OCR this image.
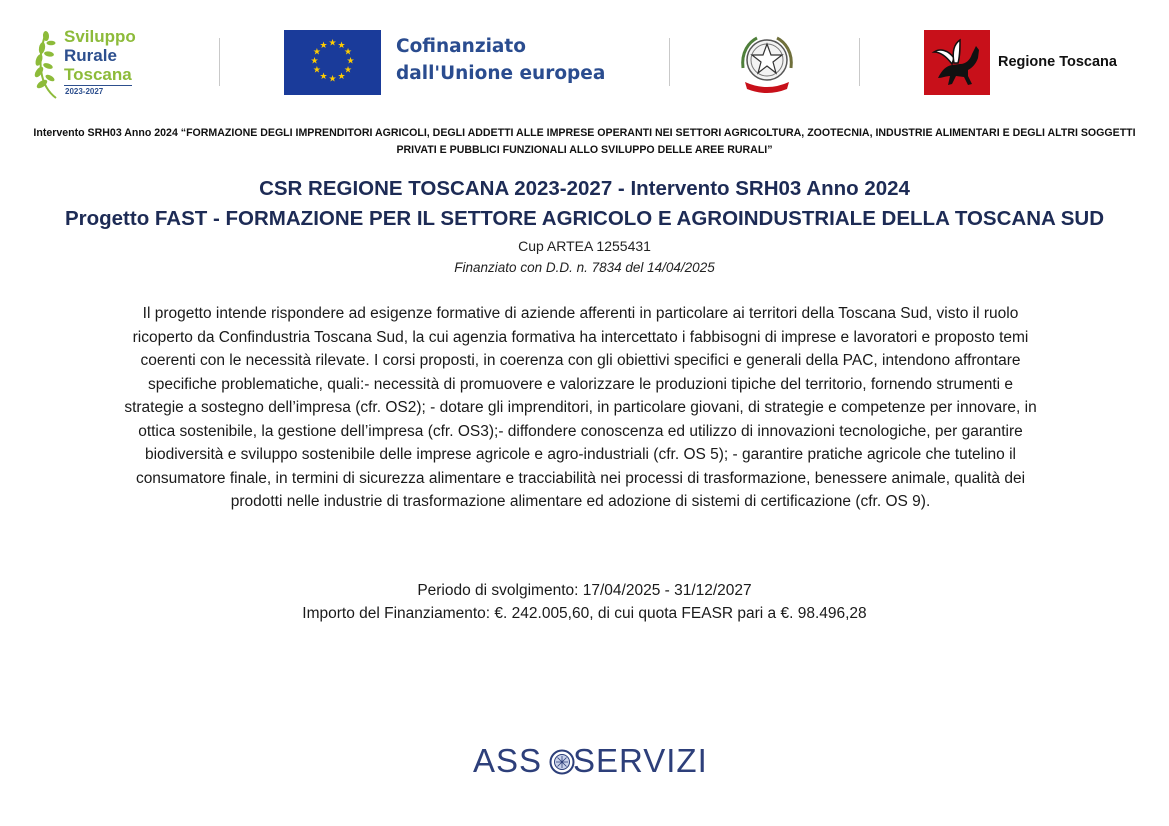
Sviluppo
Rurale
Toscana
2023-2027
★ ★
★
★
★
★
★
★
★
★
★
★	Cofinanziato
dall'Unione europea
Regione Toscana
Intervento SRH03 Anno 2024 “FORMAZIONE DEGLI IMPRENDITORI AGRICOLI, DEGLI ADDETTI ALLE IMPRESE OPERANTI NEI SETTORI AGRICOLTURA, ZOOTECNIA, INDUSTRIE ALIMENTARI E DEGLI ALTRI SOGGETTI PRIVATI E PUBBLICI FUNZIONALI ALLO SVILUPPO DELLE AREE RURALI”
CSR REGIONE TOSCANA 2023-2027 - Intervento SRH03 Anno 2024
Progetto FAST - FORMAZIONE PER IL SETTORE AGRICOLO E AGROINDUSTRIALE DELLA TOSCANA SUD
Cup ARTEA 1255431
Finanziato con D.D. n. 7834 del 14/04/2025

Il progetto intende rispondere ad esigenze formative di aziende afferenti in particolare ai territori della Toscana Sud, visto il ruolo ricoperto da Confindustria Toscana Sud, la cui agenzia formativa ha intercettato i fabbisogni di imprese e lavoratori e proposto temi coerenti con le necessità rilevate. I corsi proposti, in coerenza con gli obiettivi specifici e generali della PAC, intendono affrontare specifiche problematiche, quali:- necessità di promuovere e valorizzare le produzioni tipiche del territorio, fornendo strumenti e strategie a sostegno dell’impresa (cfr. OS2); - dotare gli imprenditori, in particolare giovani, di strategie e competenze per innovare, in ottica sostenibile, la gestione dell’impresa (cfr. OS3);- diffondere conoscenza ed utilizzo di innovazioni tecnologiche, per garantire biodiversità e sviluppo sostenibile delle imprese agricole e agro-industriali (cfr. OS 5); - garantire pratiche agricole che tutelino il consumatore finale, in termini di sicurezza alimentare e tracciabilità nei processi di trasformazione, benessere animale, qualità dei prodotti nelle industrie di trasformazione alimentare ed adozione di sistemi di certificazione (cfr. OS 9).

Periodo di svolgimento: 17/04/2025 - 31/12/2027
Importo del Finanziamento: €. 242.005,60, di cui quota FEASR pari a €. 98.496,28
ASS SERVIZI
